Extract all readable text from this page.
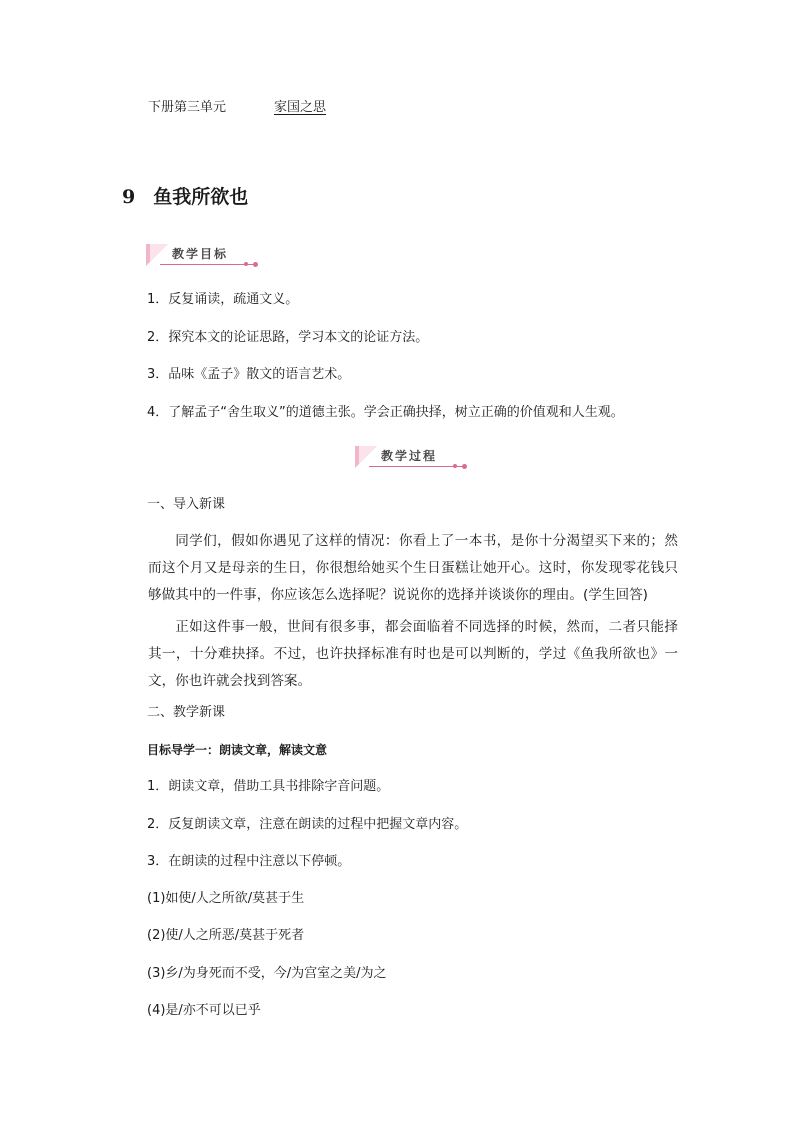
下册第三单元	家国之思
9 鱼我所欲也
教学目标
1．反复诵读，疏通文义。
2．探究本文的论证思路，学习本文的论证方法。
3．品味《孟子》散文的语言艺术。
4．了解孟子“舍生取义”的道德主张。学会正确抉择，树立正确的价值观和人生观。
教学过程
一、导入新课
同学们，假如你遇见了这样的情况：你看上了一本书，是你十分渴望买下来的；然而这个月又是母亲的生日，你很想给她买个生日蛋糕让她开心。这时，你发现零花钱只够做其中的一件事，你应该怎么选择呢？说说你的选择并谈谈你的理由。(学生回答)
正如这件事一般，世间有很多事，都会面临着不同选择的时候，然而，二者只能择其一，十分难抉择。不过，也许抉择标准有时也是可以判断的，学过《鱼我所欲也》一文，你也许就会找到答案。
二、教学新课
目标导学一：朗读文章，解读文意
1．朗读文章，借助工具书排除字音问题。
2．反复朗读文章，注意在朗读的过程中把握文章内容。
3．在朗读的过程中注意以下停顿。
(1)如使/人之所欲/莫甚于生
(2)使/人之所恶/莫甚于死者
(3)乡/为身死而不受，今/为宫室之美/为之
(4)是/亦不可以已乎
